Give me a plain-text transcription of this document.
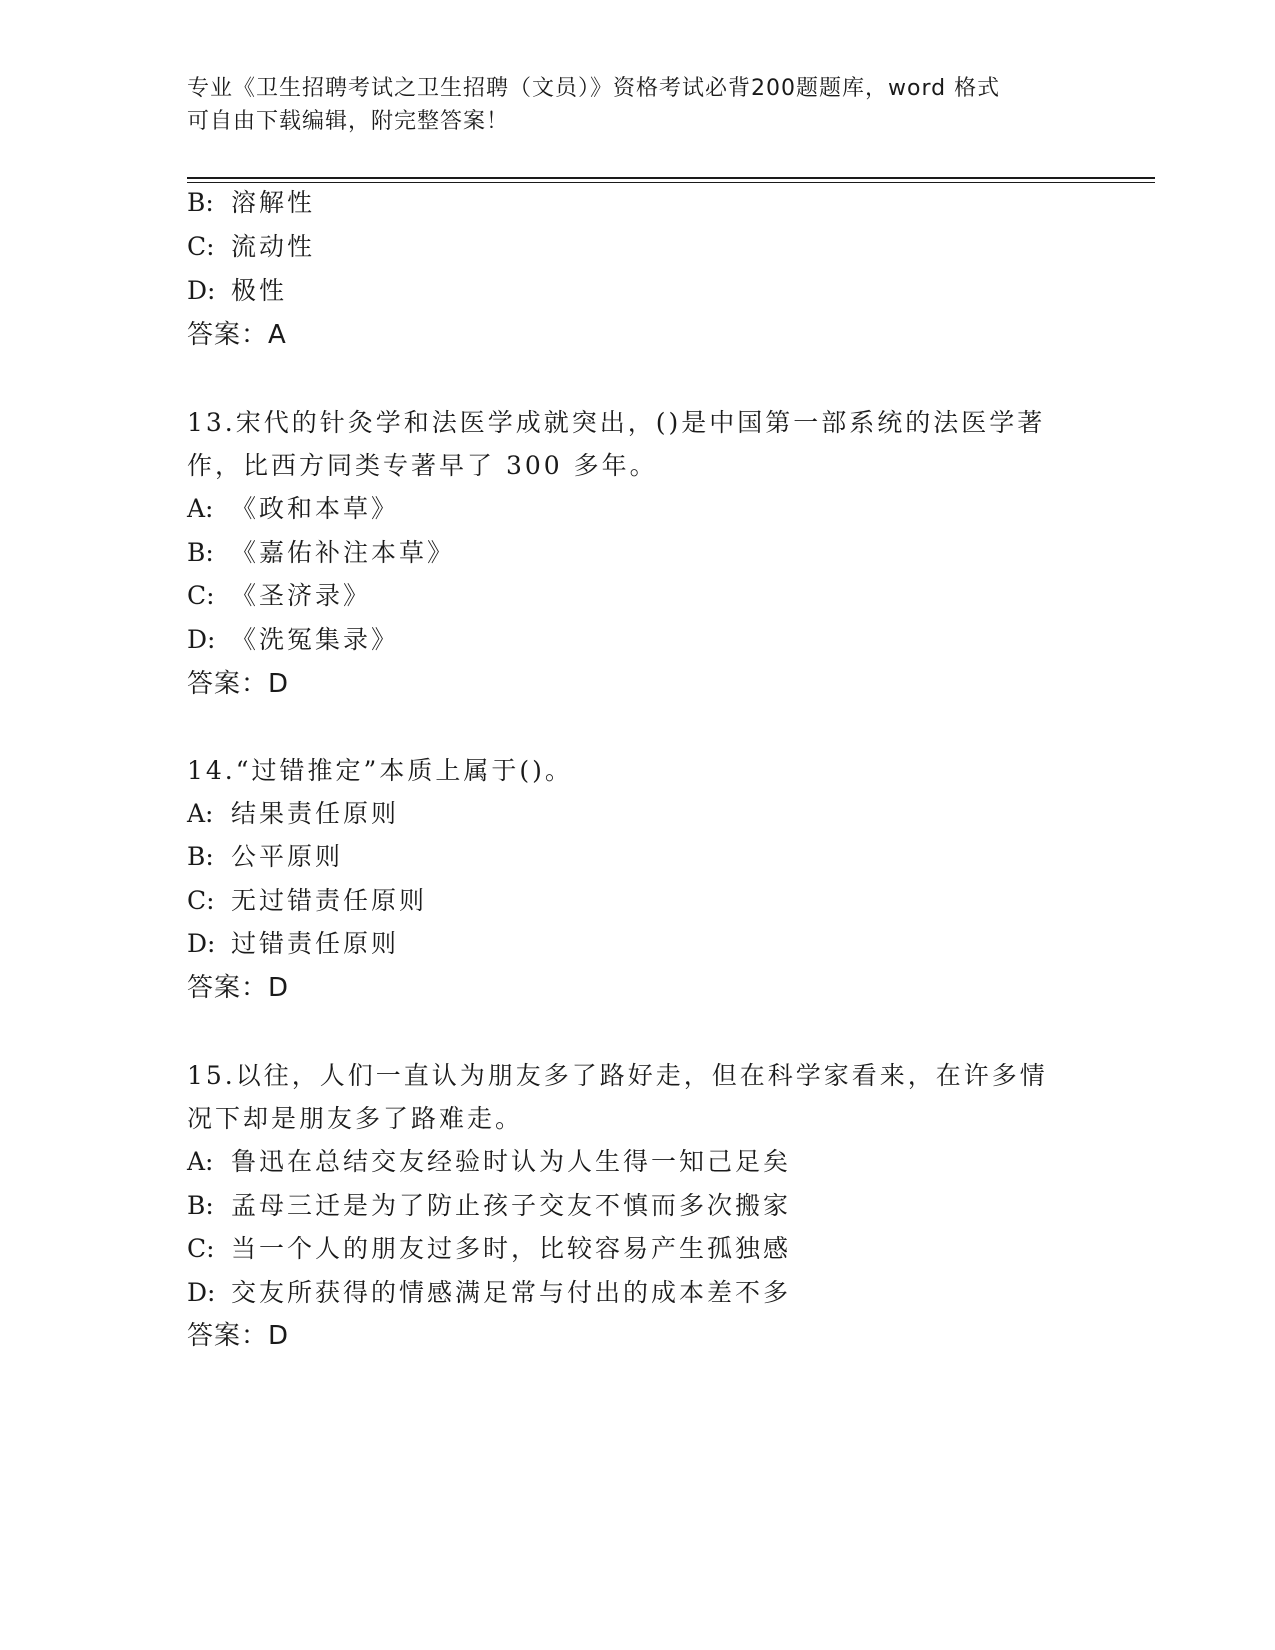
专业《卫生招聘考试之卫生招聘（文员）》资格考试必背200题题库，word 格式
可自由下载编辑，附完整答案！
B: 溶解性
C: 流动性
D: 极性
答案：A
13.宋代的针灸学和法医学成就突出，()是中国第一部系统的法医学著
作，比西方同类专著早了 300 多年。
A: 《政和本草》
B: 《嘉佑补注本草》
C: 《圣济录》
D: 《洗冤集录》
答案：D
14.“过错推定”本质上属于()。
A: 结果责任原则
B: 公平原则
C: 无过错责任原则
D: 过错责任原则
答案：D
15.以往，人们一直认为朋友多了路好走，但在科学家看来，在许多情
况下却是朋友多了路难走。
A: 鲁迅在总结交友经验时认为人生得一知己足矣
B: 孟母三迁是为了防止孩子交友不慎而多次搬家
C: 当一个人的朋友过多时，比较容易产生孤独感
D: 交友所获得的情感满足常与付出的成本差不多
答案：D
